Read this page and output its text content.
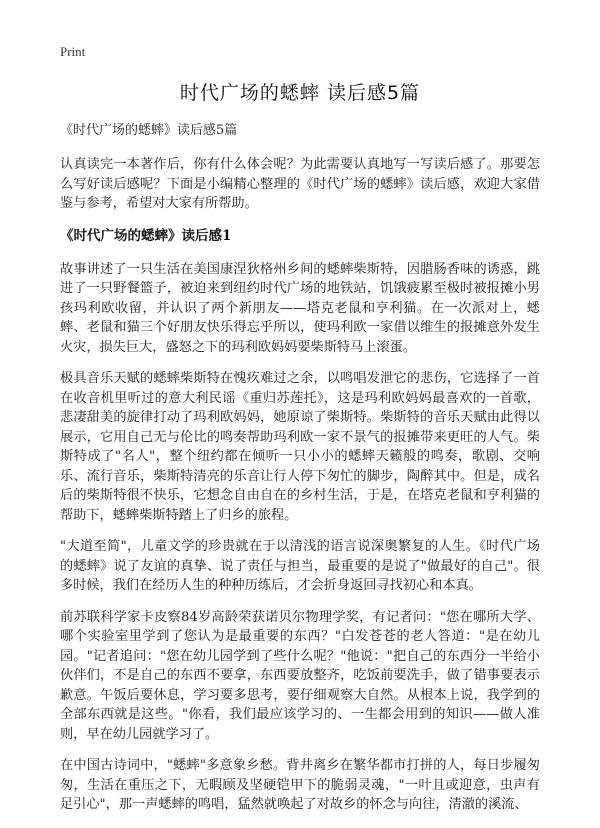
Print
时代广场的蟋蟀 读后感5篇
《时代广场的蟋蟀》读后感5篇

认真读完一本著作后，你有什么体会呢？为此需要认真地写一写读后感了。那要怎么写好读后感呢？下面是小编精心整理的《时代广场的蟋蟀》读后感，欢迎大家借鉴与参考，希望对大家有所帮助。

《时代广场的蟋蟀》读后感1

故事讲述了一只生活在美国康涅狄格州乡间的蟋蟀柴斯特，因腊肠香味的诱惑，跳进了一只野餐篮子，被迫来到纽约时代广场的地铁站，饥饿疲累至极时被报摊小男孩玛利欧收留，并认识了两个新朋友——塔克老鼠和亨利猫。在一次派对上，蟋蟀、老鼠和猫三个好朋友快乐得忘乎所以，使玛利欧一家借以维生的报摊意外发生火灾，损失巨大，盛怒之下的玛利欧妈妈要柴斯特马上滚蛋。

极具音乐天赋的蟋蟀柴斯特在愧疚难过之余，以鸣唱发泄它的悲伤，它选择了一首在收音机里听过的意大利民谣《重归苏莲托》，这是玛利欧妈妈最喜欢的一首歌，悲凄甜美的旋律打动了玛利欧妈妈，她原谅了柴斯特。柴斯特的音乐天赋由此得以展示，它用自己无与伦比的鸣奏帮助玛利欧一家不景气的报摊带来更旺的人气。柴斯特成了"名人"，整个纽约都在倾听一只小小的蟋蟀天籁般的鸣奏，歌剧、交响乐、流行音乐，柴斯特清亮的乐音让行人停下匆忙的脚步，陶醉其中。但是，成名后的柴斯特很不快乐，它想念自由自在的乡村生活，于是，在塔克老鼠和亨利猫的帮助下，蟋蟀柴斯特踏上了归乡的旅程。

"大道至简"，儿童文学的珍贵就在于以清浅的语言说深奥繁复的人生。《时代广场的蟋蟀》说了友谊的真挚、说了责任与担当，最重要的是说了"做最好的自己"。很多时候，我们在经历人生的种种历练后，才会折身返回寻找初心和本真。

前苏联科学家卡皮察84岁高龄荣获诺贝尔物理学奖，有记者问："您在哪所大学、哪个实验室里学到了您认为是最重要的东西？"白发苍苍的老人答道："是在幼儿园。"记者追问："您在幼儿园学到了些什么呢？"他说："把自己的东西分一半给小伙伴们，不是自己的东西不要拿，东西要放整齐，吃饭前要洗手，做了错事要表示歉意。午饭后要休息，学习要多思考，要仔细观察大自然。从根本上说，我学到的全部东西就是这些。"你看，我们最应该学习的、一生都会用到的知识——做人准则，早在幼儿园就学习了。

在中国古诗词中，"蟋蟀"多意象乡愁。背井离乡在繁华都市打拼的人，每日步履匆匆，生活在重压之下，无暇顾及坚硬铠甲下的脆弱灵魂，"一叶且或迎意，虫声有足引心"，那一声蟋蟀的鸣唱，猛然就唤起了对故乡的怀念与向往，清澈的溪流、
